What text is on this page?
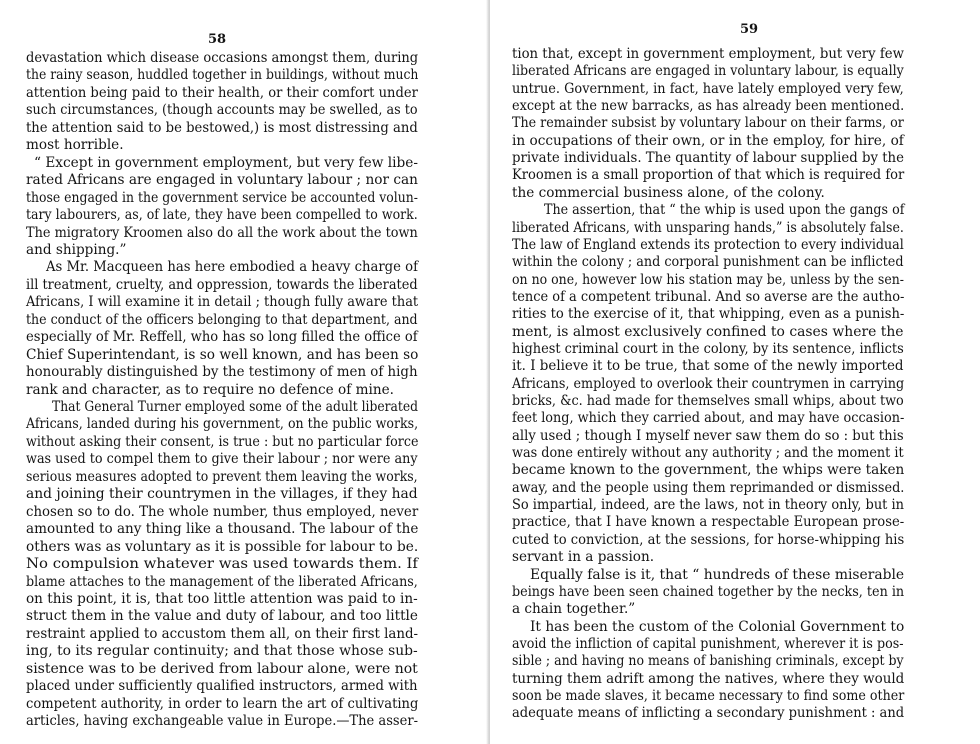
58
devastation which disease occasions amongst them, during
the rainy season, huddled together in buildings, without much
attention being paid to their health, or their comfort under
such circumstances, (though accounts may be swelled, as to
the attention said to be bestowed,) is most distressing and
most horrible.
“ Except in government employment, but very few libe-
rated Africans are engaged in voluntary labour ; nor can
those engaged in the government service be accounted volun-
tary labourers, as, of late, they have been compelled to work.
The migratory Kroomen also do all the work about the town
and shipping.”
As Mr. Macqueen has here embodied a heavy charge of
ill treatment, cruelty, and oppression, towards the liberated
Africans, I will examine it in detail ; though fully aware that
the conduct of the officers belonging to that department, and
especially of Mr. Reffell, who has so long filled the office of
Chief Superintendant, is so well known, and has been so
honourably distinguished by the testimony of men of high
rank and character, as to require no defence of mine.
That General Turner employed some of the adult liberated
Africans, landed during his government, on the public works,
without asking their consent, is true : but no particular force
was used to compel them to give their labour ; nor were any
serious measures adopted to prevent them leaving the works,
and joining their countrymen in the villages, if they had
chosen so to do. The whole number, thus employed, never
amounted to any thing like a thousand. The labour of the
others was as voluntary as it is possible for labour to be.
No compulsion whatever was used towards them. If
blame attaches to the management of the liberated Africans,
on this point, it is, that too little attention was paid to in-
struct them in the value and duty of labour, and too little
restraint applied to accustom them all, on their first land-
ing, to its regular continuity; and that those whose sub-
sistence was to be derived from labour alone, were not
placed under sufficiently qualified instructors, armed with
competent authority, in order to learn the art of cultivating
articles, having exchangeable value in Europe.—The asser-
59
tion that, except in government employment, but very few
liberated Africans are engaged in voluntary labour, is equally
untrue. Government, in fact, have lately employed very few,
except at the new barracks, as has already been mentioned.
The remainder subsist by voluntary labour on their farms, or
in occupations of their own, or in the employ, for hire, of
private individuals. The quantity of labour supplied by the
Kroomen is a small proportion of that which is required for
the commercial business alone, of the colony.
The assertion, that “ the whip is used upon the gangs of
liberated Africans, with unsparing hands,” is absolutely false.
The law of England extends its protection to every individual
within the colony ; and corporal punishment can be inflicted
on no one, however low his station may be, unless by the sen-
tence of a competent tribunal. And so averse are the autho-
rities to the exercise of it, that whipping, even as a punish-
ment, is almost exclusively confined to cases where the
highest criminal court in the colony, by its sentence, inflicts
it. I believe it to be true, that some of the newly imported
Africans, employed to overlook their countrymen in carrying
bricks, &c. had made for themselves small whips, about two
feet long, which they carried about, and may have occasion-
ally used ; though I myself never saw them do so : but this
was done entirely without any authority ; and the moment it
became known to the government, the whips were taken
away, and the people using them reprimanded or dismissed.
So impartial, indeed, are the laws, not in theory only, but in
practice, that I have known a respectable European prose-
cuted to conviction, at the sessions, for horse-whipping his
servant in a passion.
Equally false is it, that “ hundreds of these miserable
beings have been seen chained together by the necks, ten in
a chain together.”
It has been the custom of the Colonial Government to
avoid the infliction of capital punishment, wherever it is pos-
sible ; and having no means of banishing criminals, except by
turning them adrift among the natives, where they would
soon be made slaves, it became necessary to find some other
adequate means of inflicting a secondary punishment : and
